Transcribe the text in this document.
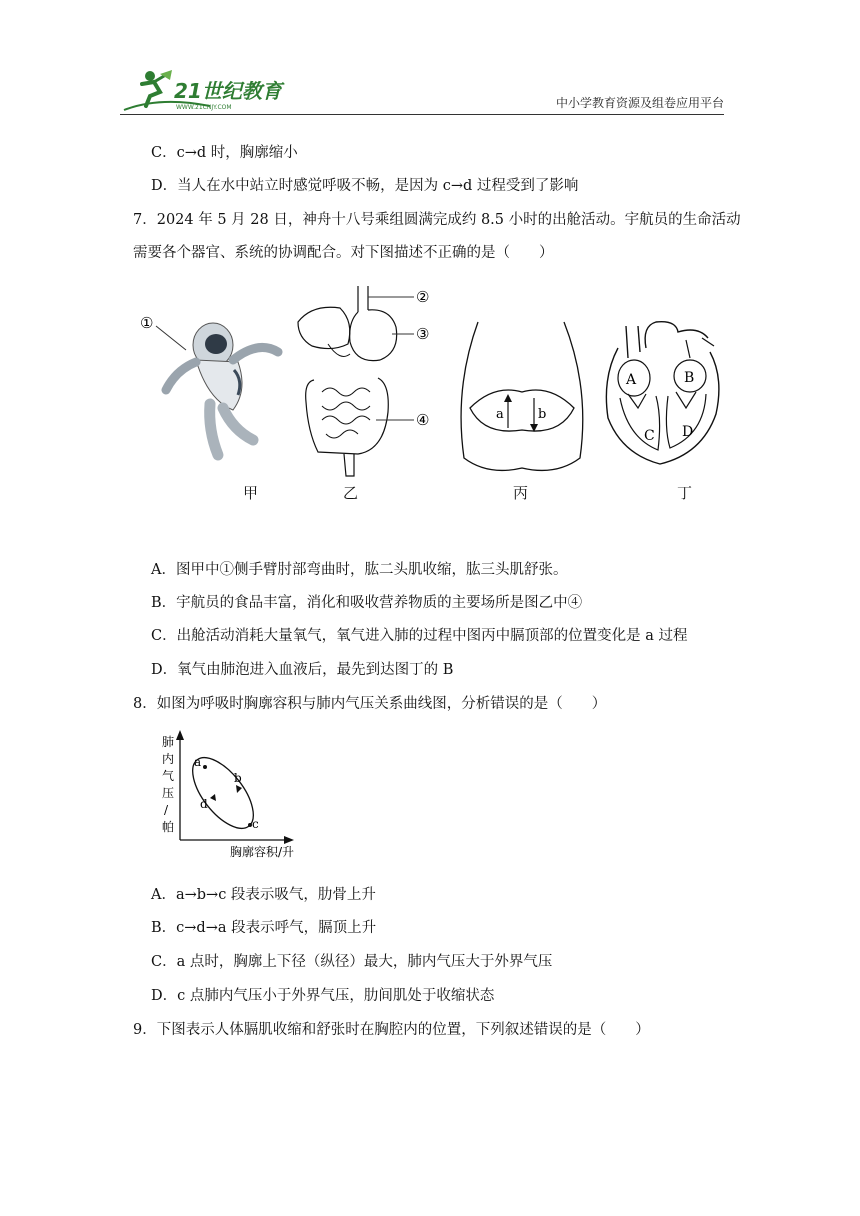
21世纪教育
WWW.21CNJY.COM	中小学教育资源及组卷应用平台
C．c→d 时，胸廓缩小
D．当人在水中站立时感觉呼吸不畅，是因为 c→d 过程受到了影响
7．2024 年 5 月 28 日，神舟十八号乘组圆满完成约 8.5 小时的出舱活动。宇航员的生命活动
需要各个器官、系统的协调配合。对下图描述不正确的是（　　）
①
②
③
④	a	b
A	B
C D
甲	乙	丙	丁
A．图甲中①侧手臂肘部弯曲时，肱二头肌收缩，肱三头肌舒张。
B．宇航员的食品丰富，消化和吸收营养物质的主要场所是图乙中④
C．出舱活动消耗大量氧气，氧气进入肺的过程中图丙中膈顶部的位置变化是 a 过程
D．氧气由肺泡进入血液后，最先到达图丁的 B
8．如图为呼吸时胸廓容积与肺内气压关系曲线图，分析错误的是（　　）
肺
内
气
压
/
帕
a
b
c
d
胸廓容积/升
A．a→b→c 段表示吸气，肋骨上升
B．c→d→a 段表示呼气，膈顶上升
C．a 点时，胸廓上下径（纵径）最大，肺内气压大于外界气压
D．c 点肺内气压小于外界气压，肋间肌处于收缩状态
9．下图表示人体膈肌收缩和舒张时在胸腔内的位置，下列叙述错误的是（　　）
